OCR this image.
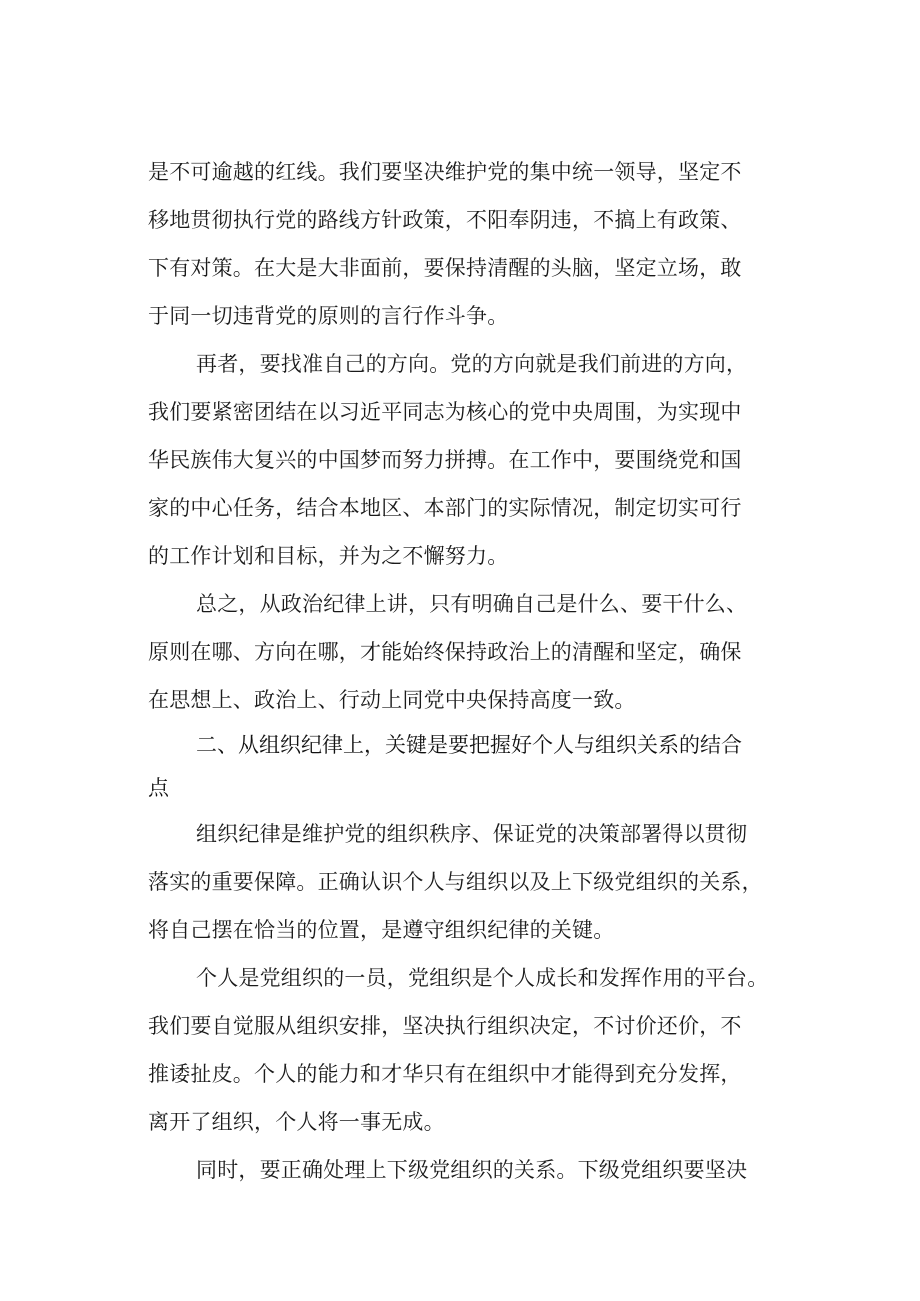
是不可逾越的红线。我们要坚决维护党的集中统一领导，坚定不
移地贯彻执行党的路线方针政策，不阳奉阴违，不搞上有政策、
下有对策。在大是大非面前，要保持清醒的头脑，坚定立场，敢
于同一切违背党的原则的言行作斗争。
再者，要找准自己的方向。党的方向就是我们前进的方向，
我们要紧密团结在以习近平同志为核心的党中央周围，为实现中
华民族伟大复兴的中国梦而努力拼搏。在工作中，要围绕党和国
家的中心任务，结合本地区、本部门的实际情况，制定切实可行
的工作计划和目标，并为之不懈努力。
总之，从政治纪律上讲，只有明确自己是什么、要干什么、
原则在哪、方向在哪，才能始终保持政治上的清醒和坚定，确保
在思想上、政治上、行动上同党中央保持高度一致。
二、从组织纪律上，关键是要把握好个人与组织关系的结合
点
组织纪律是维护党的组织秩序、保证党的决策部署得以贯彻
落实的重要保障。正确认识个人与组织以及上下级党组织的关系，
将自己摆在恰当的位置，是遵守组织纪律的关键。
个人是党组织的一员，党组织是个人成长和发挥作用的平台。
我们要自觉服从组织安排，坚决执行组织决定，不讨价还价，不
推诿扯皮。个人的能力和才华只有在组织中才能得到充分发挥，
离开了组织，个人将一事无成。
同时，要正确处理上下级党组织的关系。下级党组织要坚决
